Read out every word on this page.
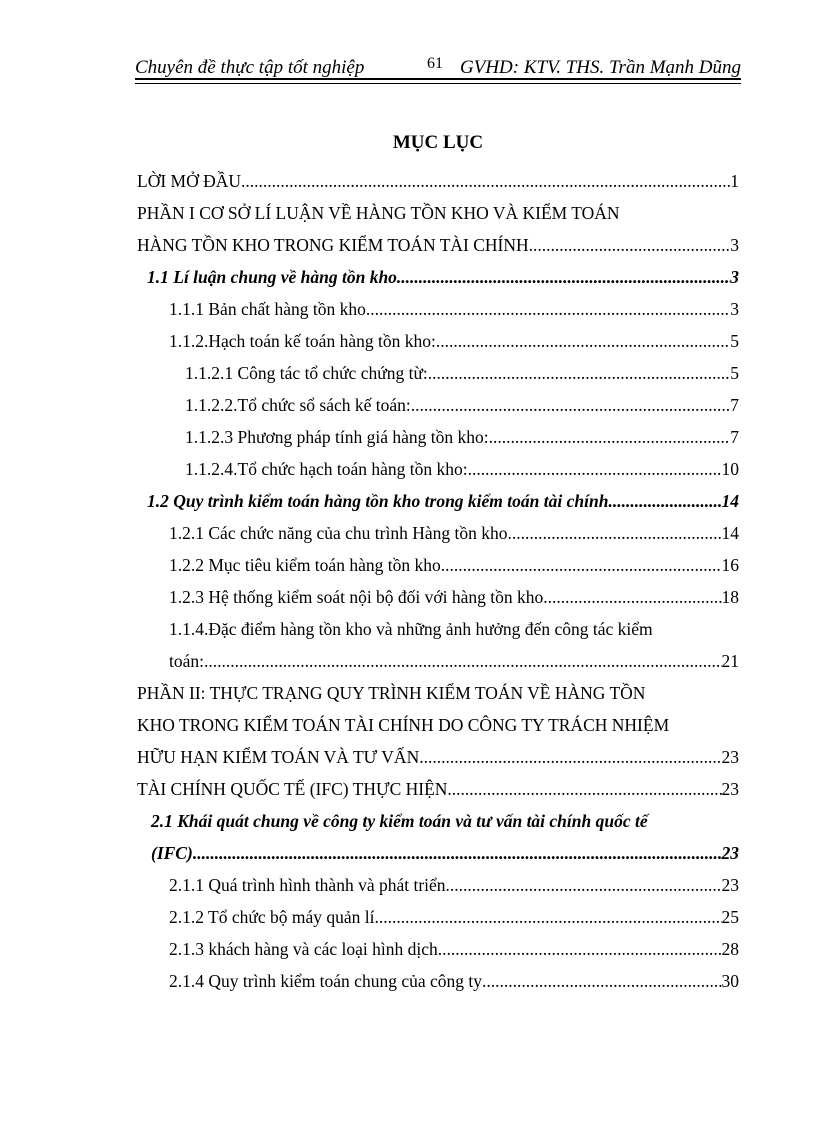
Chuyên đề thực tập tốt nghiệp	61 GVHD: KTV. THS. Trần Mạnh Dũng
MỤC LỤC
LỜI MỞ ĐẦU .....	1
PHẦN I CƠ SỞ LÍ LUẬN VỀ HÀNG TỒN KHO VÀ KIỂM TOÁN
HÀNG TỒN KHO TRONG KIỂM TOÁN TÀI CHÍNH .....	3
1.1 Lí luận chung về hàng tồn kho .....	3
1.1.1 Bản chất hàng tồn kho .....	3
1.1.2.Hạch toán kế toán hàng tồn kho: .....	5
1.1.2.1 Công tác tổ chức chứng từ: .....	5
1.1.2.2.Tổ chức sổ sách kế toán: .....	7
1.1.2.3 Phương pháp tính giá hàng tồn kho: .....	7
1.1.2.4.Tổ chức hạch toán hàng tồn kho: .....	10
1.2 Quy trình kiểm toán hàng tồn kho trong kiểm toán tài chính .....	14
1.2.1 Các chức năng của chu trình Hàng tồn kho. .....	14
1.2.2 Mục tiêu kiểm toán hàng tồn kho .....	16
1.2.3 Hệ thống kiểm soát nội bộ đối với hàng tồn kho .....	18
1.1.4.Đặc điểm hàng tồn kho và những ảnh hưởng đến công tác kiểm
toán: .....	21
PHẦN II: THỰC TRẠNG QUY TRÌNH KIỂM TOÁN VỀ HÀNG TỒN
KHO TRONG KIỂM TOÁN TÀI CHÍNH DO CÔNG TY TRÁCH NHIỆM
HỮU HẠN KIỂM TOÁN VÀ TƯ VẤN .....	23
TÀI CHÍNH QUỐC TẾ (IFC) THỰC HIỆN .....	23
2.1 Khái quát chung về công ty kiểm toán và tư vấn tài chính quốc tế
(IFC) .....	23
2.1.1 Quá trình hình thành và phát triển .....	23
2.1.2 Tổ chức bộ máy quản lí .....	25
2.1.3 khách hàng và các loại hình dịch .....	28
2.1.4 Quy trình kiểm toán chung của công ty .....	30
